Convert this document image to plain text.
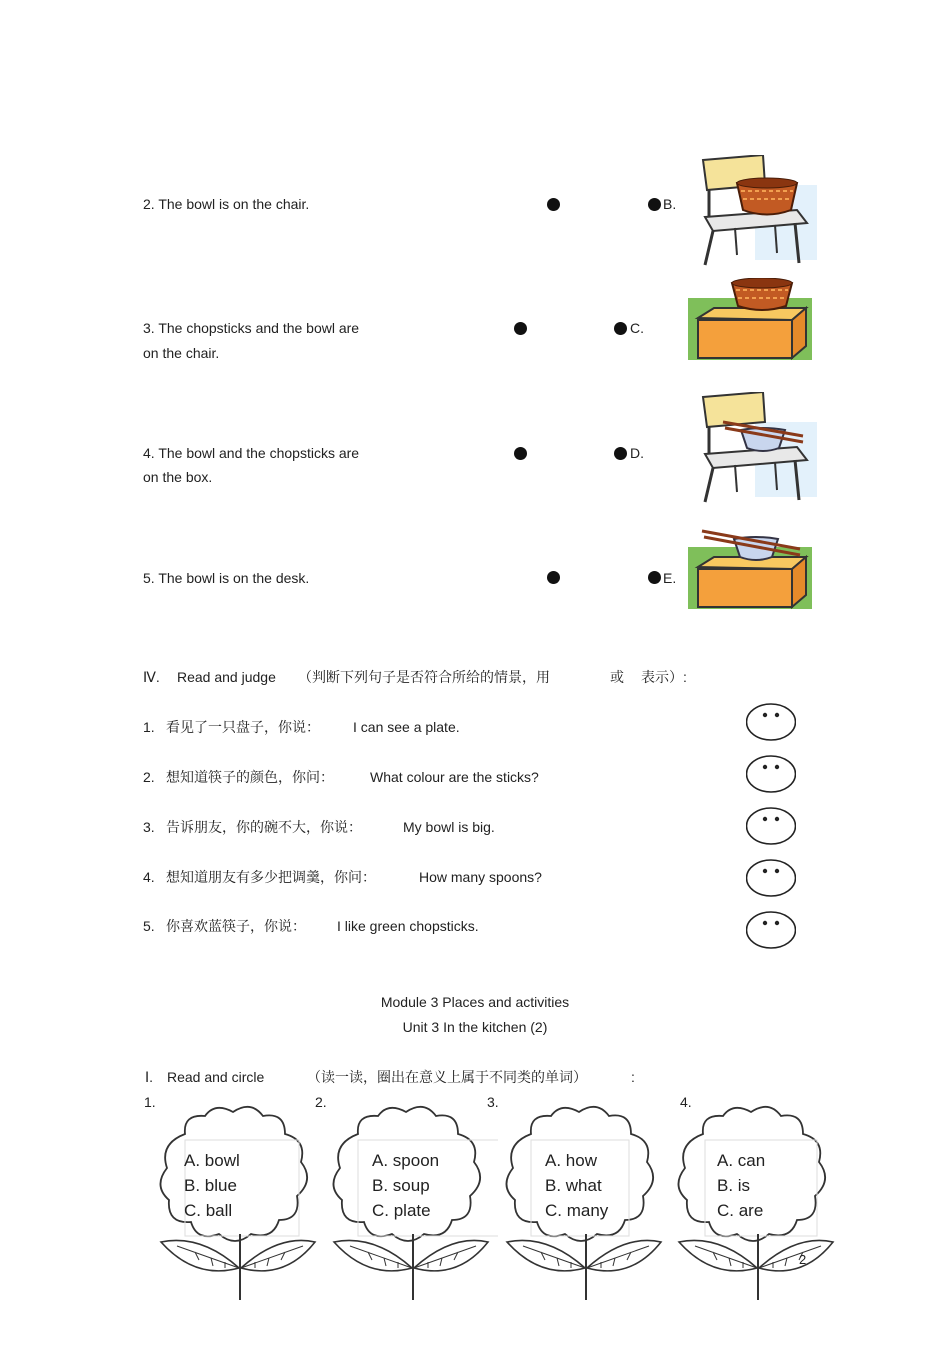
2. The bowl is on the chair.	B.
3. The chopsticks and the bowl are
on the chair.
C.
4. The bowl and the chopsticks are
on the box.
D.
5. The bowl is on the desk.	E.
Ⅳ. Read and judge （判断下列句子是否符合所给的情景，用	或 表示）:
1. 看见了一只盘子，你说： I can see a plate.
2. 想知道筷子的颜色，你问：	What colour are the sticks?
3. 告诉朋友，你的碗不大，你说：	My bowl is big.
4. 想知道朋友有多少把调羹，你问：	How many spoons?
5. 你喜欢蓝筷子，你说： I like green chopsticks.
Module 3 Places and activities
Unit 3 In the kitchen (2)
Ⅰ. Read and circle	（读一读，圈出在意义上属于不同类的单词）	:
1.
A. bowl
B. blue
C. ball
2.
A. spoon
B. soup
C. plate
3.
A. how
B. what
C. many
4.
A. can
B. is
C. are
2
